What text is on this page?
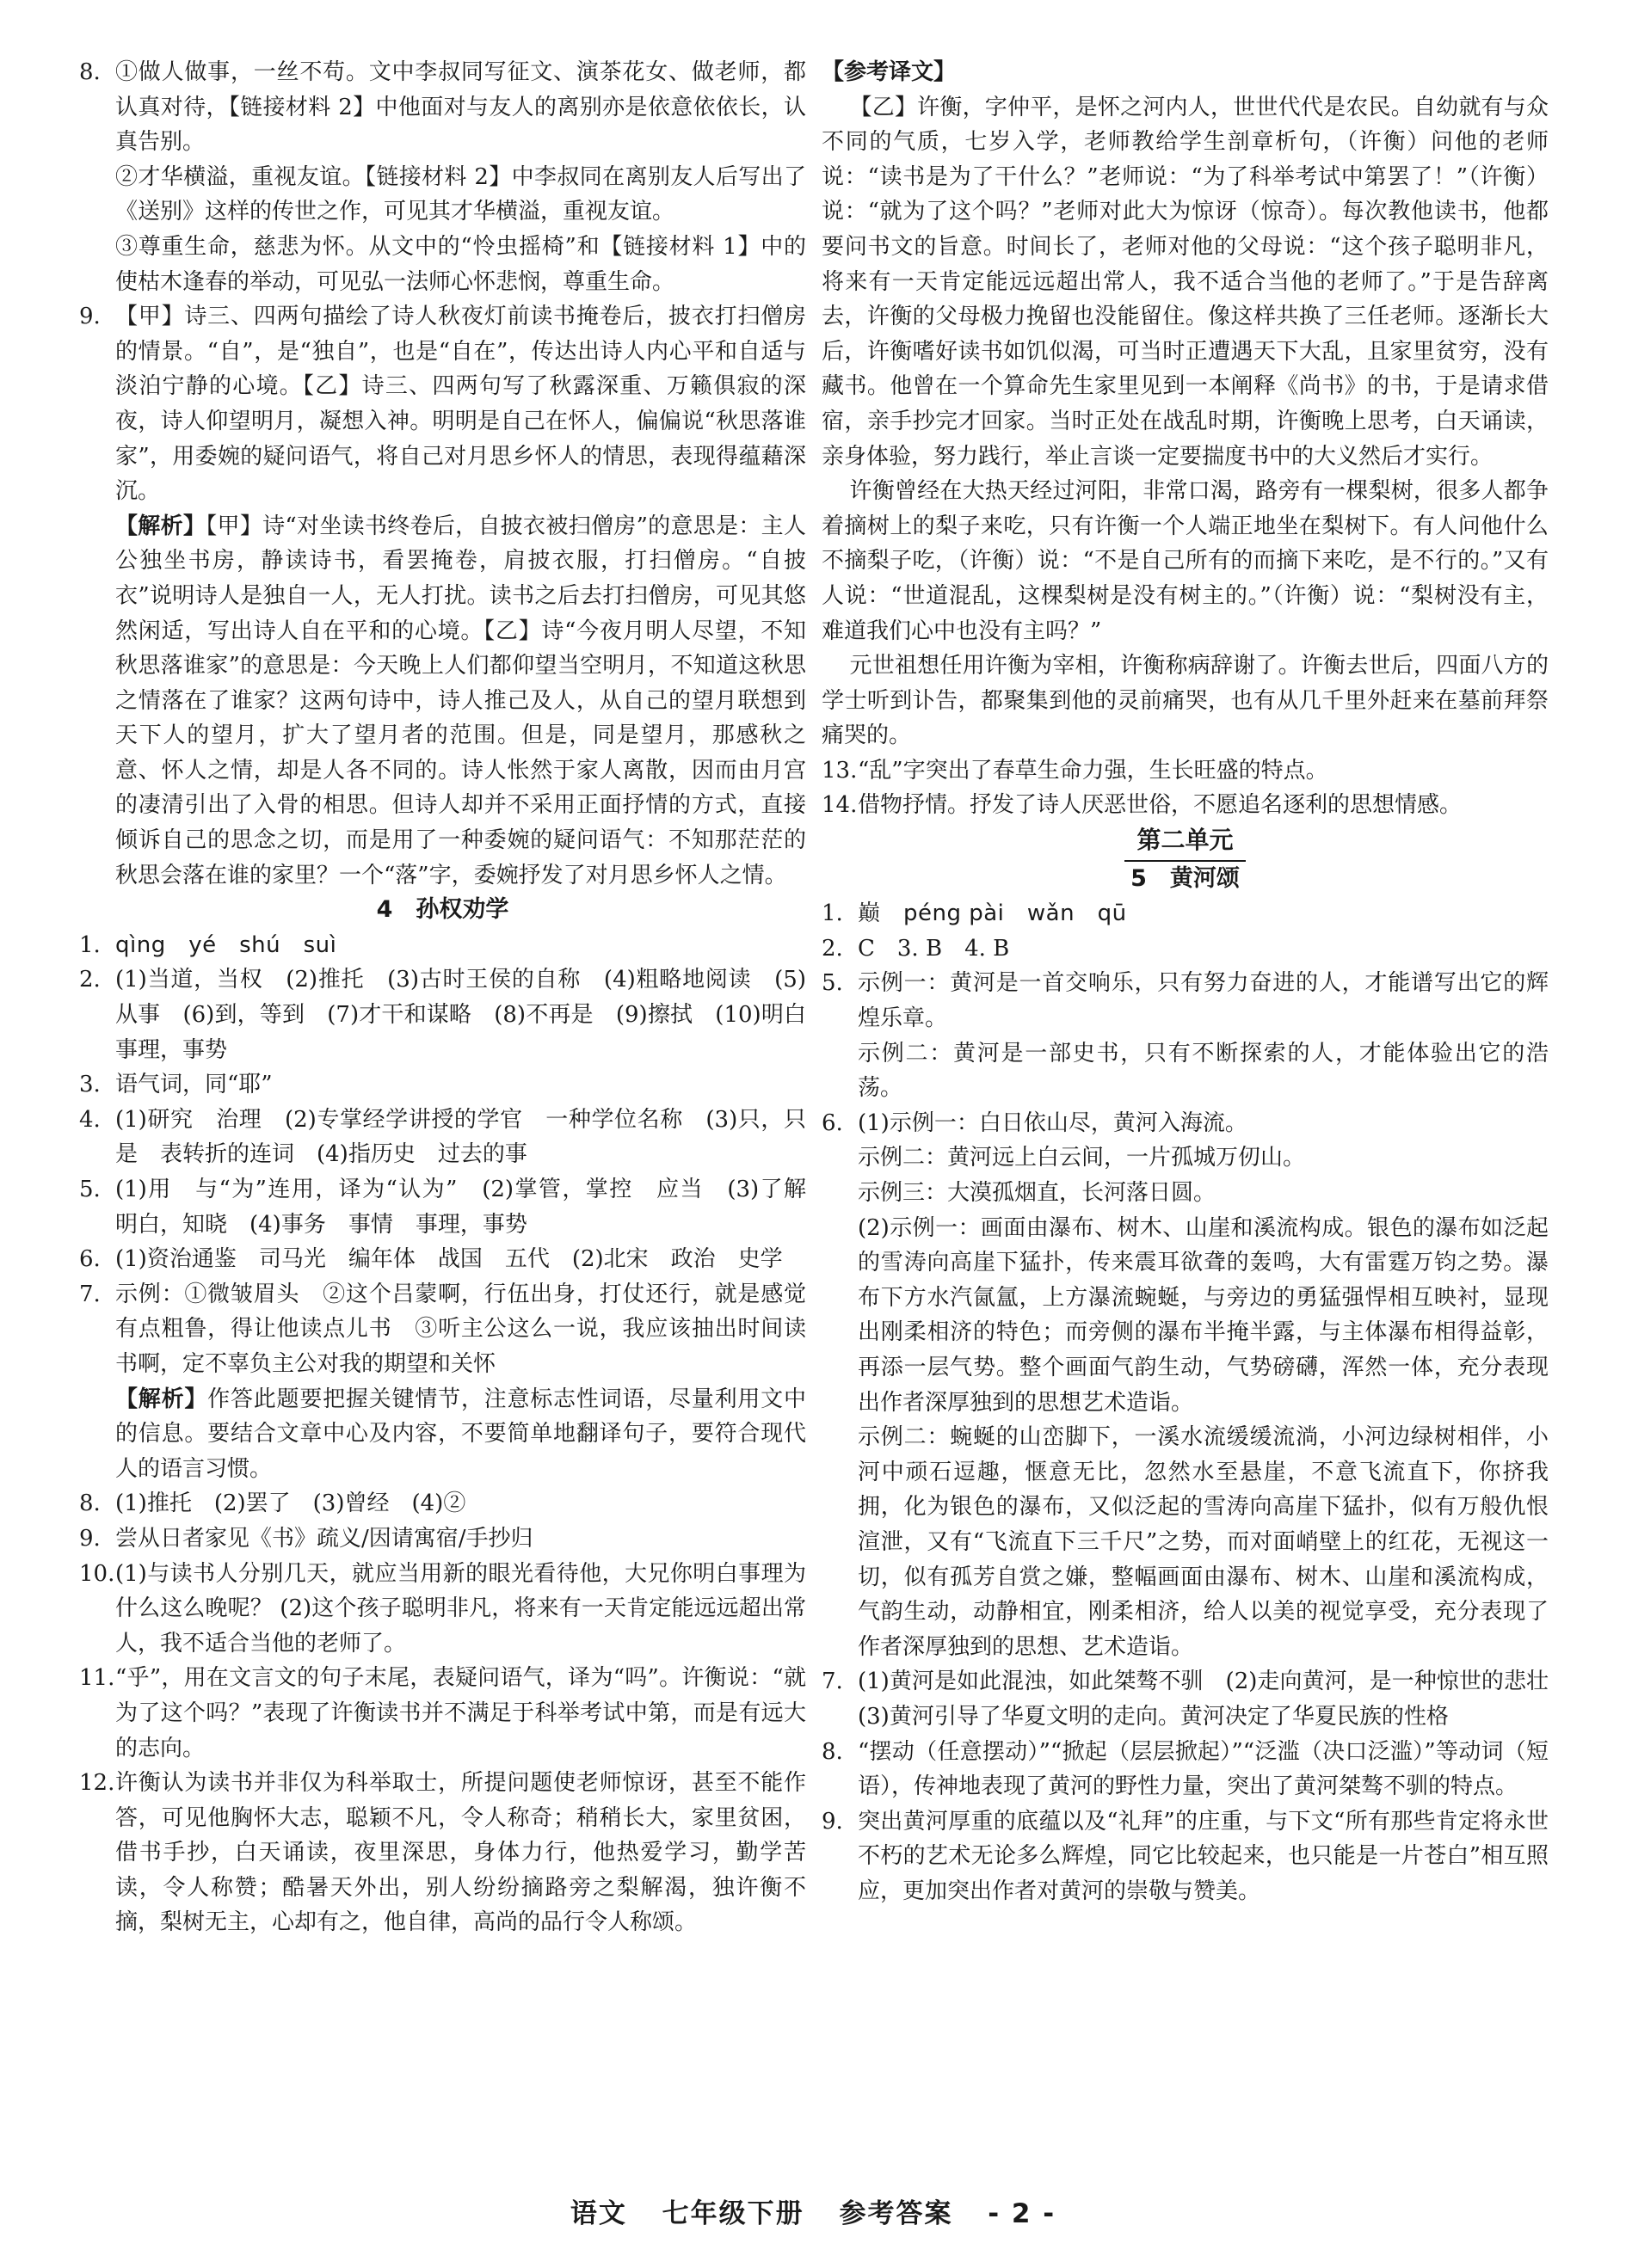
8. ①做人做事，一丝不苟。文中李叔同写征文、演茶花女、做老师，都认真对待，【链接材料 2】中他面对与友人的离别亦是依意依依长，认真告别。
②才华横溢，重视友谊。【链接材料 2】中李叔同在离别友人后写出了《送别》这样的传世之作，可见其才华横溢，重视友谊。
③尊重生命，慈悲为怀。从文中的“怜虫摇椅”和【链接材料 1】中的使枯木逢春的举动，可见弘一法师心怀悲悯，尊重生命。
9. 【甲】诗三、四两句描绘了诗人秋夜灯前读书掩卷后，披衣打扫僧房的情景。“自”，是“独自”，也是“自在”，传达出诗人内心平和自适与淡泊宁静的心境。【乙】诗三、四两句写了秋露深重、万籁俱寂的深夜，诗人仰望明月，凝想入神。明明是自己在怀人，偏偏说“秋思落谁家”，用委婉的疑问语气，将自己对月思乡怀人的情思，表现得蕴藉深沉。
【解析】【甲】诗“对坐读书终卷后，自披衣被扫僧房”的意思是：主人公独坐书房，静读诗书，看罢掩卷，肩披衣服，打扫僧房。“自披衣”说明诗人是独自一人，无人打扰。读书之后去打扫僧房，可见其悠然闲适，写出诗人自在平和的心境。【乙】诗“今夜月明人尽望，不知秋思落谁家”的意思是：今天晚上人们都仰望当空明月，不知道这秋思之情落在了谁家？这两句诗中，诗人推己及人，从自己的望月联想到天下人的望月，扩大了望月者的范围。但是，同是望月，那感秋之意、怀人之情，却是人各不同的。诗人怅然于家人离散，因而由月宫的凄清引出了入骨的相思。但诗人却并不采用正面抒情的方式，直接倾诉自己的思念之切，而是用了一种委婉的疑问语气：不知那茫茫的秋思会落在谁的家里？一个“落”字，委婉抒发了对月思乡怀人之情。
4　孙权劝学
1. qìng　yé　shú　suì
2. (1)当道，当权　(2)推托　(3)古时王侯的自称　(4)粗略地阅读　(5)从事　(6)到，等到　(7)才干和谋略　(8)不再是　(9)擦拭　(10)明白事理，事势
3. 语气词，同“耶”
4. (1)研究　治理　(2)专掌经学讲授的学官　一种学位名称　(3)只，只是　表转折的连词　(4)指历史　过去的事
5. (1)用　与“为”连用，译为“认为”　(2)掌管，掌控　应当　(3)了解　明白，知晓　(4)事务　事情　事理，事势
6. (1)资治通鉴　司马光　编年体　战国　五代　(2)北宋　政治　史学
7. 示例：①微皱眉头　②这个吕蒙啊，行伍出身，打仗还行，就是感觉有点粗鲁，得让他读点儿书　③听主公这么一说，我应该抽出时间读书啊，定不辜负主公对我的期望和关怀
【解析】作答此题要把握关键情节，注意标志性词语，尽量利用文中的信息。要结合文章中心及内容，不要简单地翻译句子，要符合现代人的语言习惯。
8. (1)推托　(2)罢了　(3)曾经　(4)②
9. 尝从日者家见《书》疏义/因请寓宿/手抄归
10. (1)与读书人分别几天，就应当用新的眼光看待他，大兄你明白事理为什么这么晚呢？ (2)这个孩子聪明非凡，将来有一天肯定能远远超出常人，我不适合当他的老师了。
11. “乎”，用在文言文的句子末尾，表疑问语气，译为“吗”。许衡说：“就为了这个吗？”表现了许衡读书并不满足于科举考试中第，而是有远大的志向。
12. 许衡认为读书并非仅为科举取士，所提问题使老师惊讶，甚至不能作答，可见他胸怀大志，聪颖不凡，令人称奇；稍稍长大，家里贫困，借书手抄，白天诵读，夜里深思，身体力行，他热爱学习，勤学苦读，令人称赞；酷暑天外出，别人纷纷摘路旁之梨解渴，独许衡不摘，梨树无主，心却有之，他自律，高尚的品行令人称颂。
【参考译文】
【乙】许衡，字仲平，是怀之河内人，世世代代是农民。自幼就有与众不同的气质，七岁入学，老师教给学生剖章析句，（许衡）问他的老师说：“读书是为了干什么？”老师说：“为了科举考试中第罢了！”（许衡）说：“就为了这个吗？”老师对此大为惊讶（惊奇）。每次教他读书，他都要问书文的旨意。时间长了，老师对他的父母说：“这个孩子聪明非凡，将来有一天肯定能远远超出常人，我不适合当他的老师了。”于是告辞离去，许衡的父母极力挽留也没能留住。像这样共换了三任老师。逐渐长大后，许衡嗜好读书如饥似渴，可当时正遭遇天下大乱，且家里贫穷，没有藏书。他曾在一个算命先生家里见到一本阐释《尚书》的书，于是请求借宿，亲手抄完才回家。当时正处在战乱时期，许衡晚上思考，白天诵读，亲身体验，努力践行，举止言谈一定要揣度书中的大义然后才实行。
许衡曾经在大热天经过河阳，非常口渴，路旁有一棵梨树，很多人都争着摘树上的梨子来吃，只有许衡一个人端正地坐在梨树下。有人问他什么不摘梨子吃，（许衡）说：“不是自己所有的而摘下来吃，是不行的。”又有人说：“世道混乱，这棵梨树是没有树主的。”（许衡）说：“梨树没有主，难道我们心中也没有主吗？”
元世祖想任用许衡为宰相，许衡称病辞谢了。许衡去世后，四面八方的学士听到讣告，都聚集到他的灵前痛哭，也有从几千里外赶来在墓前拜祭痛哭的。
13. “乱”字突出了春草生命力强，生长旺盛的特点。
14. 借物抒情。抒发了诗人厌恶世俗，不愿追名逐利的思想情感。
第二单元
5　黄河颂
1. 巅　péng pài　wǎn　qū
2. C　3. B　4. B
5. 示例一：黄河是一首交响乐，只有努力奋进的人，才能谱写出它的辉煌乐章。
示例二：黄河是一部史书，只有不断探索的人，才能体验出它的浩荡。
6. (1)示例一：白日依山尽，黄河入海流。
示例二：黄河远上白云间，一片孤城万仞山。
示例三：大漠孤烟直，长河落日圆。
(2)示例一：画面由瀑布、树木、山崖和溪流构成。银色的瀑布如泛起的雪涛向高崖下猛扑，传来震耳欲聋的轰鸣，大有雷霆万钧之势。瀑布下方水汽氤氲，上方瀑流蜿蜒，与旁边的勇猛强悍相互映衬，显现出刚柔相济的特色；而旁侧的瀑布半掩半露，与主体瀑布相得益彰，再添一层气势。整个画面气韵生动，气势磅礴，浑然一体，充分表现出作者深厚独到的思想艺术造诣。
示例二：蜿蜒的山峦脚下，一溪水流缓缓流淌，小河边绿树相伴，小河中顽石逗趣，惬意无比，忽然水至悬崖，不意飞流直下，你挤我拥，化为银色的瀑布，又似泛起的雪涛向高崖下猛扑，似有万般仇恨渲泄，又有“飞流直下三千尺”之势，而对面峭壁上的红花，无视这一切，似有孤芳自赏之嫌，整幅画面由瀑布、树木、山崖和溪流构成，气韵生动，动静相宜，刚柔相济，给人以美的视觉享受，充分表现了作者深厚独到的思想、艺术造诣。
7. (1)黄河是如此混浊，如此桀骜不驯　(2)走向黄河，是一种惊世的悲壮　(3)黄河引导了华夏文明的走向。黄河决定了华夏民族的性格
8. “摆动（任意摆动）”“掀起（层层掀起）”“泛滥（决口泛滥）”等动词（短语），传神地表现了黄河的野性力量，突出了黄河桀骜不驯的特点。
9. 突出黄河厚重的底蕴以及“礼拜”的庄重，与下文“所有那些肯定将永世不朽的艺术无论多么辉煌，同它比较起来，也只能是一片苍白”相互照应，更加突出作者对黄河的崇敬与赞美。
语文 七年级下册 参考答案 - 2 -
